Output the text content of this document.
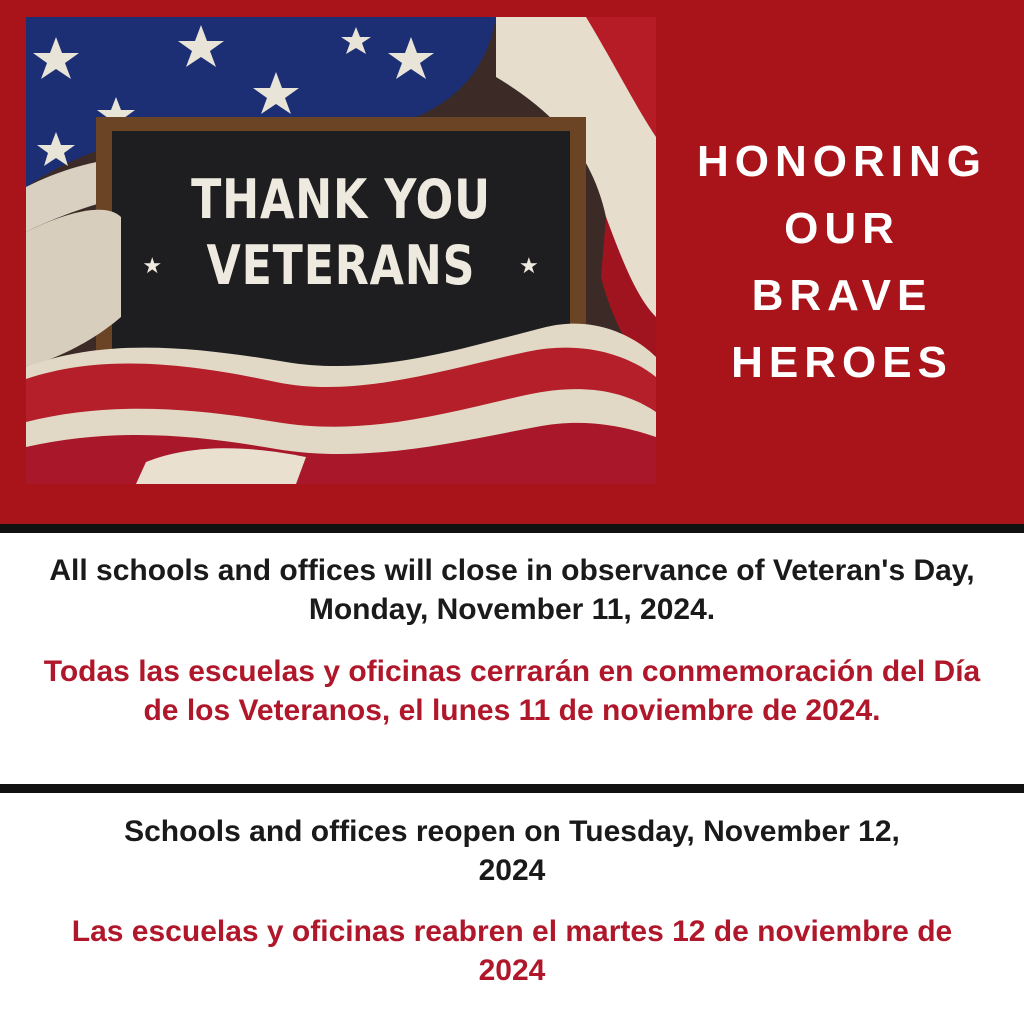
THANK YOU
★ VETERANS ★
HONORING
OUR
BRAVE
HEROES
All schools and offices will close in observance of Veteran's Day, Monday, November 11, 2024.
Todas las escuelas y oficinas cerrarán en conmemoración del Día de los Veteranos, el lunes 11 de noviembre de 2024.
Schools and offices reopen on Tuesday, November 12, 2024
Las escuelas y oficinas reabren el martes 12 de noviembre de 2024
